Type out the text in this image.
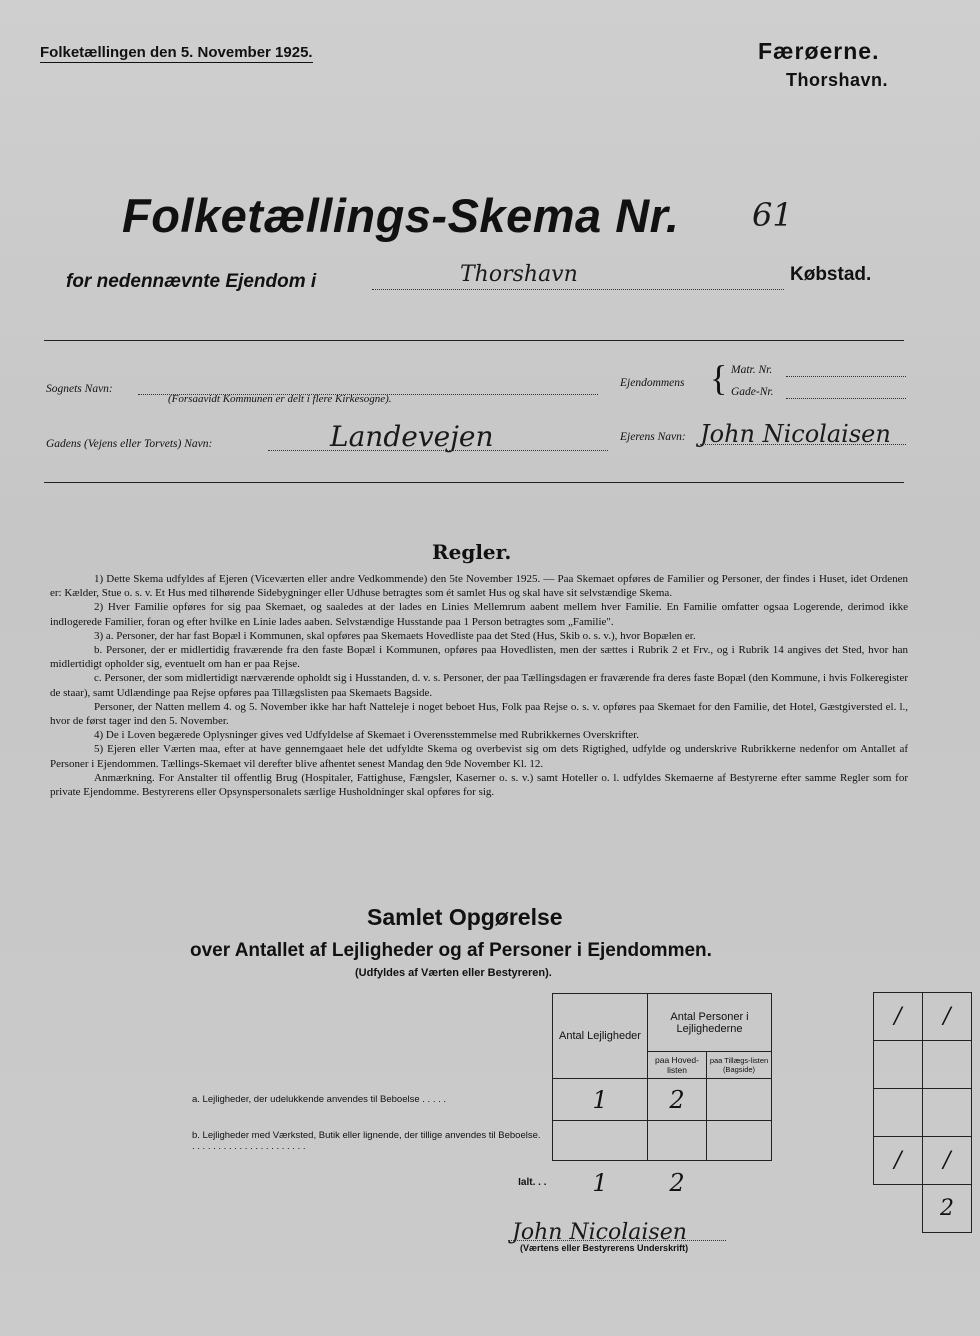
Folketællingen den 5. November 1925.	Færøerne.
Thorshavn.
Folketællings-Skema Nr. 61
for nedennævnte Ejendom i	Thorshavn	Købstad.
Sognets Navn:
(Forsaavidt Kommunen er delt i flere Kirkesogne).
Ejendommens { Matr. Nr.
Gade-Nr.
Gadens (Vejens eller Torvets) Navn:	Landevejen	Ejerens Navn: John Nicolaisen
Regler.

1) Dette Skema udfyldes af Ejeren (Viceværten eller andre Vedkommende) den 5te November 1925. — Paa Skemaet opføres de Familier og Personer, der findes i Huset, idet Ordenen er: Kælder, Stue o. s. v. Et Hus med tilhørende Sidebygninger eller Udhuse betragtes som ét samlet Hus og skal have sit selvstændige Skema.

2) Hver Familie opføres for sig paa Skemaet, og saaledes at der lades en Linies Mellemrum aabent mellem hver Familie. En Familie omfatter ogsaa Logerende, derimod ikke indlogerede Familier, foran og efter hvilke en Linie lades aaben. Selvstændige Husstande paa 1 Person betragtes som „Familie".

3) a. Personer, der har fast Bopæl i Kommunen, skal opføres paa Skemaets Hovedliste paa det Sted (Hus, Skib o. s. v.), hvor Bopælen er.

b. Personer, der er midlertidig fraværende fra den faste Bopæl i Kommunen, opføres paa Hovedlisten, men der sættes i Rubrik 2 et Frv., og i Rubrik 14 angives det Sted, hvor han midlertidigt opholder sig, eventuelt om han er paa Rejse.

c. Personer, der som midlertidigt nærværende opholdt sig i Husstanden, d. v. s. Personer, der paa Tællingsdagen er fraværende fra deres faste Bopæl (den Kommune, i hvis Folkeregister de staar), samt Udlændinge paa Rejse opføres paa Tillægslisten paa Skemaets Bagside.

Personer, der Natten mellem 4. og 5. November ikke har haft Natteleje i noget beboet Hus, Folk paa Rejse o. s. v. opføres paa Skemaet for den Familie, det Hotel, Gæstgiversted el. l., hvor de først tager ind den 5. November.

4) De i Loven begærede Oplysninger gives ved Udfyldelse af Skemaet i Overensstemmelse med Rubrikkernes Overskrifter.

5) Ejeren eller Værten maa, efter at have gennemgaaet hele det udfyldte Skema og overbevist sig om dets Rigtighed, udfylde og underskrive Rubrikkerne nedenfor om Antallet af Personer i Ejendommen. Tællings-Skemaet vil derefter blive afhentet senest Mandag den 9de November Kl. 12.

Anmærkning. For Anstalter til offentlig Brug (Hospitaler, Fattighuse, Fængsler, Kaserner o. s. v.) samt Hoteller o. l. udfyldes Skemaerne af Bestyrerne efter samme Regler som for private Ejendomme. Bestyrerens eller Opsynspersonalets særlige Husholdninger skal opføres for sig.

Samlet Opgørelse
over Antallet af Lejligheder og af Personer i Ejendommen.
(Udfyldes af Værten eller Bestyreren).
	Antal Lejligheder	Antal Personer i Lejlighederne	
		paa Hoved-listen	paa Tillægs-listen (Bagside)
a. Lejligheder, der udelukkende anvendes til Beboelse . . . . .	1	2	
b. Lejligheder med Værksted, Butik eller lignende, der tillige anvendes til Beboelse. . . . . . . . . . . . . . . . . . . . . . .			
Ialt. . .	1	2	
/	/

/	/
	2
John Nicolaisen
(Værtens eller Bestyrerens Underskrift)
